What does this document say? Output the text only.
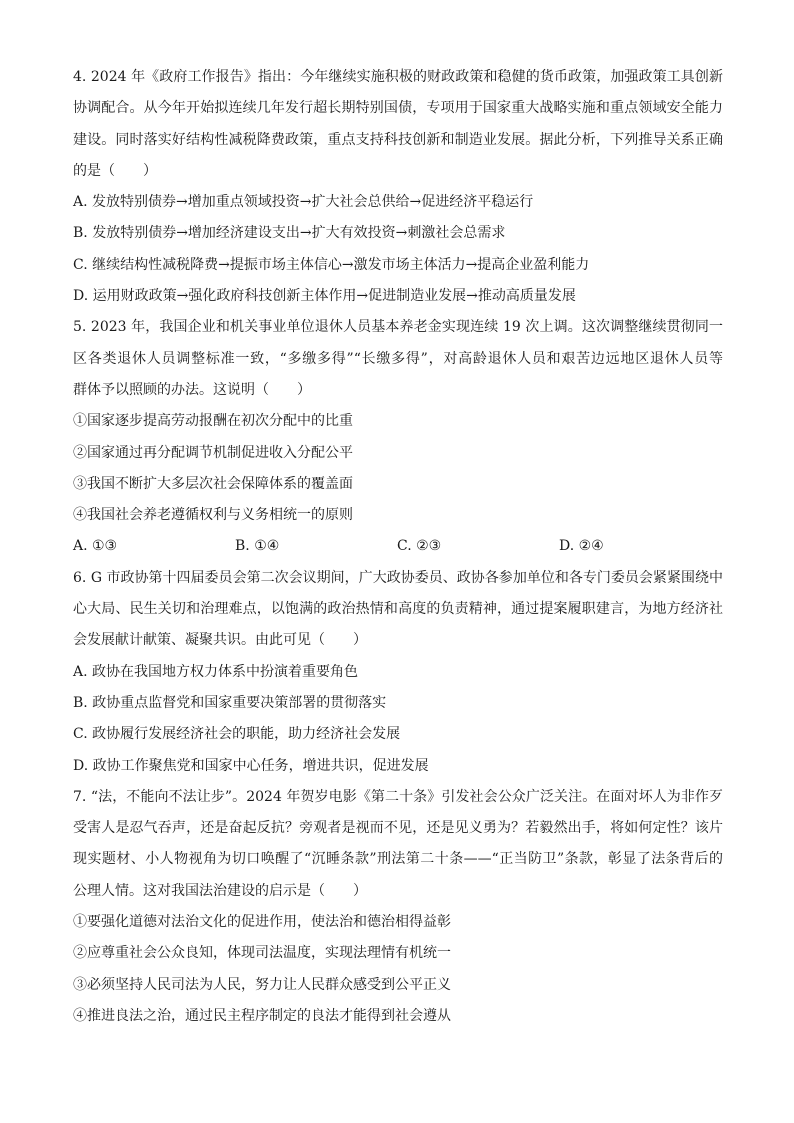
4. 2024 年《政府工作报告》指出：今年继续实施积极的财政政策和稳健的货币政策，加强政策工具创新
协调配合。从今年开始拟连续几年发行超长期特别国债，专项用于国家重大战略实施和重点领域安全能力
建设。同时落实好结构性减税降费政策，重点支持科技创新和制造业发展。据此分析，下列推导关系正确
的是（　　）
A. 发放特别债券→增加重点领域投资→扩大社会总供给→促进经济平稳运行
B. 发放特别债券→增加经济建设支出→扩大有效投资→刺激社会总需求
C. 继续结构性减税降费→提振市场主体信心→激发市场主体活力→提高企业盈利能力
D. 运用财政政策→强化政府科技创新主体作用→促进制造业发展→推动高质量发展
5. 2023 年，我国企业和机关事业单位退休人员基本养老金实现连续 19 次上调。这次调整继续贯彻同一
区各类退休人员调整标准一致，“多缴多得”“长缴多得”，对高龄退休人员和艰苦边远地区退休人员等
群体予以照顾的办法。这说明（　　）
①国家逐步提高劳动报酬在初次分配中的比重
②国家通过再分配调节机制促进收入分配公平
③我国不断扩大多层次社会保障体系的覆盖面
④我国社会养老遵循权利与义务相统一的原则
A. ①③	B. ①④	C. ②③	D. ②④
6. G 市政协第十四届委员会第二次会议期间，广大政协委员、政协各参加单位和各专门委员会紧紧围绕中
心大局、民生关切和治理难点，以饱满的政治热情和高度的负责精神，通过提案履职建言，为地方经济社
会发展献计献策、凝聚共识。由此可见（　　）
A. 政协在我国地方权力体系中扮演着重要角色
B. 政协重点监督党和国家重要决策部署的贯彻落实
C. 政协履行发展经济社会的职能，助力经济社会发展
D. 政协工作聚焦党和国家中心任务，增进共识，促进发展
7. “法，不能向不法让步”。2024 年贺岁电影《第二十条》引发社会公众广泛关注。在面对坏人为非作歹
受害人是忍气吞声，还是奋起反抗？旁观者是视而不见，还是见义勇为？若毅然出手，将如何定性？该片
现实题材、小人物视角为切口唤醒了“沉睡条款”刑法第二十条——“正当防卫”条款，彰显了法条背后的
公理人情。这对我国法治建设的启示是（　　）
①要强化道德对法治文化的促进作用，使法治和德治相得益彰
②应尊重社会公众良知，体现司法温度，实现法理情有机统一
③必须坚持人民司法为人民，努力让人民群众感受到公平正义
④推进良法之治，通过民主程序制定的良法才能得到社会遵从
